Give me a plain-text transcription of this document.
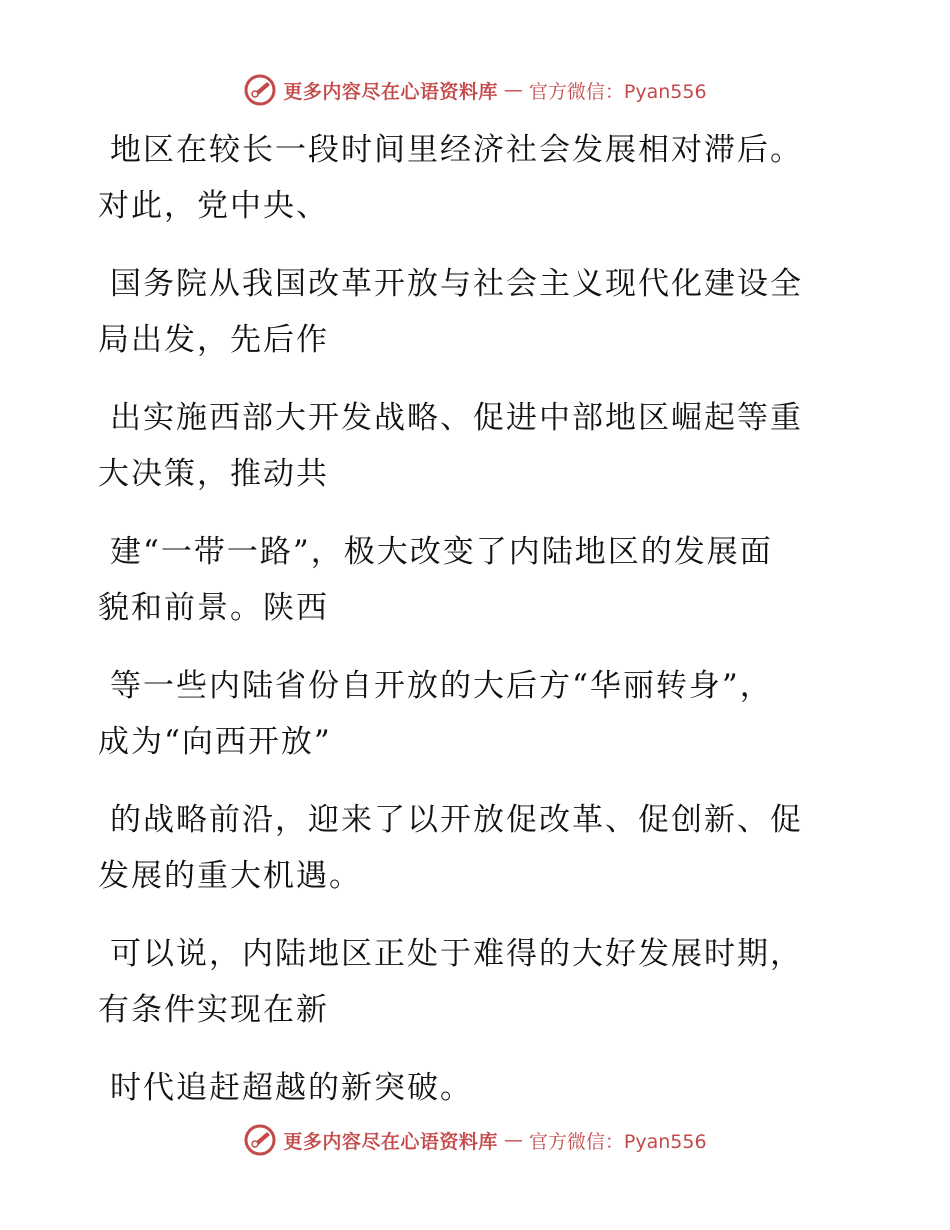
更多内容尽在心语资料库 — 官方微信：Pyan556

地区在较长一段时间里经济社会发展相对滞后。
对此，党中央、

国务院从我国改革开放与社会主义现代化建设全
局出发，先后作

出实施西部大开发战略、促进中部地区崛起等重
大决策，推动共

建“一带一路”，极大改变了内陆地区的发展面
貌和前景。陕西

等一些内陆省份自开放的大后方“华丽转身”，
成为“向西开放”

的战略前沿，迎来了以开放促改革、促创新、促
发展的重大机遇。

可以说，内陆地区正处于难得的大好发展时期，
有条件实现在新

时代追赶超越的新突破。

更多内容尽在心语资料库 — 官方微信：Pyan556
